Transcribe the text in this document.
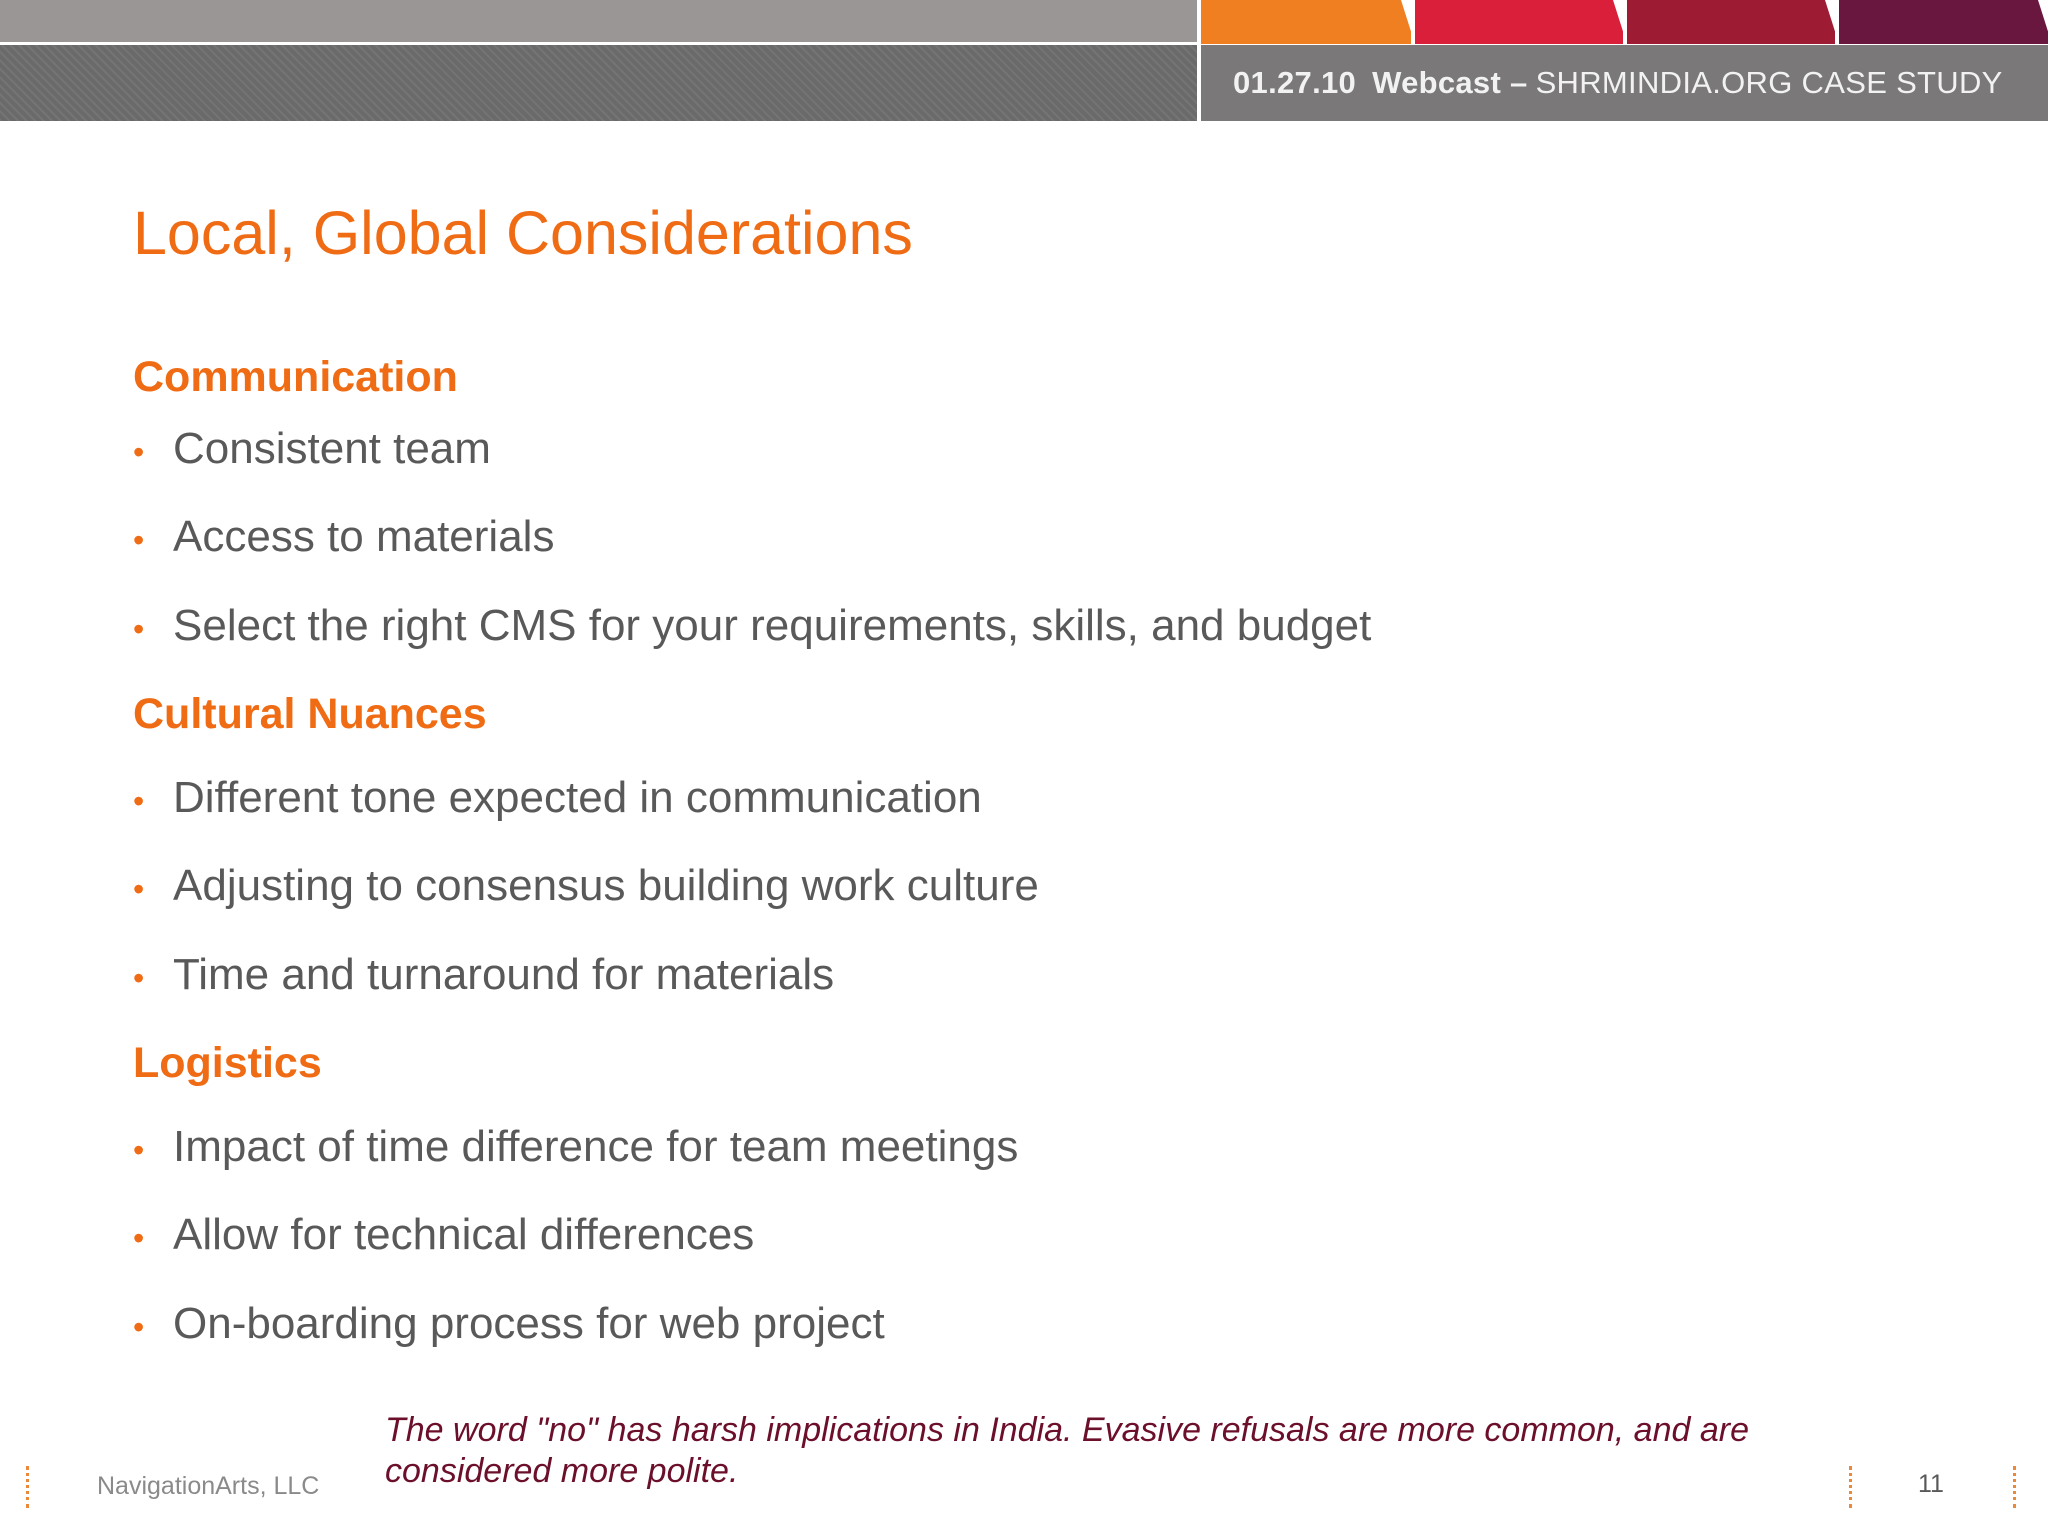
01.27.10 Webcast – SHRMINDIA.ORG CASE STUDY
Local, Global Considerations
Communication
• Consistent team
• Access to materials
• Select the right CMS for your requirements, skills, and budget
Cultural Nuances
• Different tone expected in communication
• Adjusting to consensus building work culture
• Time and turnaround for materials
Logistics
• Impact of time difference for team meetings
• Allow for technical differences
• On-boarding process for web project
The word "no" has harsh implications in India. Evasive refusals are more common, and are considered more polite.
NavigationArts, LLC	11
